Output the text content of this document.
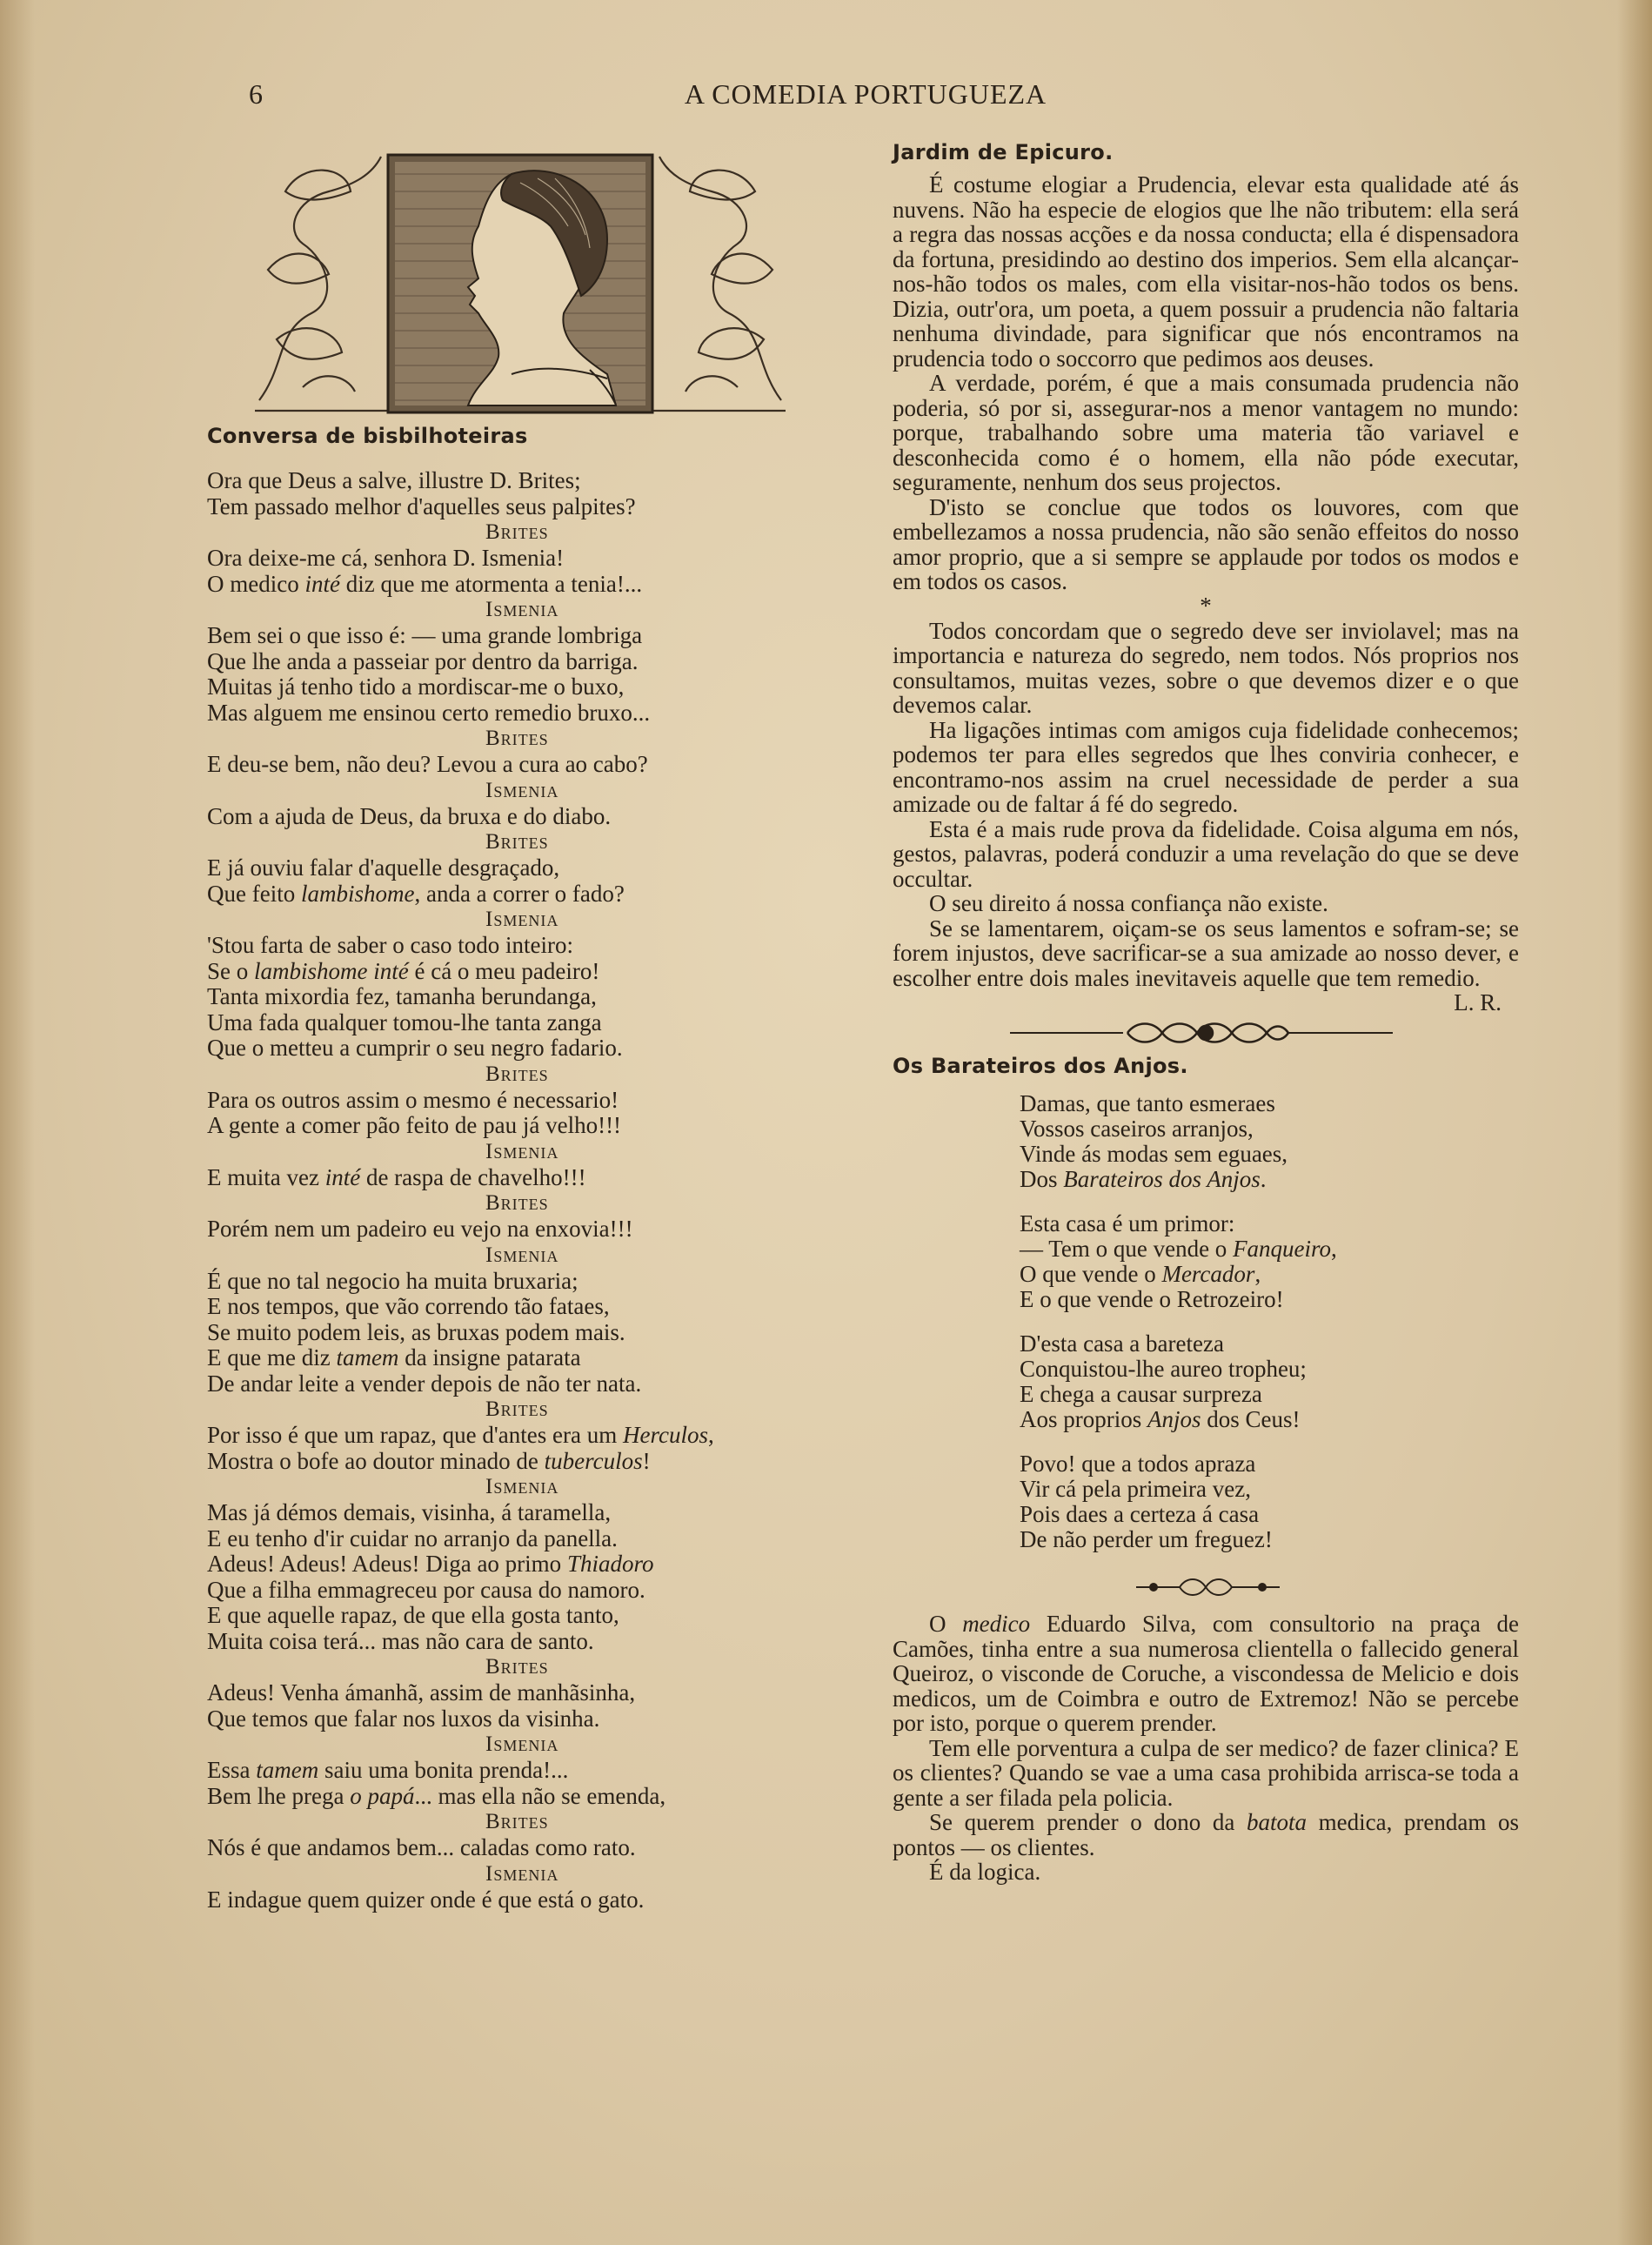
6	A COMEDIA PORTUGUEZA
Conversa de bisbilhoteiras
Ora que Deus a salve, illustre D. Brites;
Tem passado melhor d'aquelles seus palpites?
Brites
Ora deixe-me cá, senhora D. Ismenia!
O medico inté diz que me atormenta a tenia!...
Ismenia
Bem sei o que isso é: — uma grande lombriga
Que lhe anda a passeiar por dentro da barriga.
Muitas já tenho tido a mordiscar-me o buxo,
Mas alguem me ensinou certo remedio bruxo...
Brites
E deu-se bem, não deu? Levou a cura ao cabo?
Ismenia
Com a ajuda de Deus, da bruxa e do diabo.
Brites
E já ouviu falar d'aquelle desgraçado,
Que feito lambishome, anda a correr o fado?
Ismenia
'Stou farta de saber o caso todo inteiro:
Se o lambishome inté é cá o meu padeiro!
Tanta mixordia fez, tamanha berundanga,
Uma fada qualquer tomou-lhe tanta zanga
Que o metteu a cumprir o seu negro fadario.
Brites
Para os outros assim o mesmo é necessario!
A gente a comer pão feito de pau já velho!!!
Ismenia
E muita vez inté de raspa de chavelho!!!
Brites
Porém nem um padeiro eu vejo na enxovia!!!
Ismenia
É que no tal negocio ha muita bruxaria;
E nos tempos, que vão correndo tão fataes,
Se muito podem leis, as bruxas podem mais.
E que me diz tamem da insigne patarata
De andar leite a vender depois de não ter nata.
Brites
Por isso é que um rapaz, que d'antes era um Herculos,
Mostra o bofe ao doutor minado de tuberculos!
Ismenia
Mas já démos demais, visinha, á taramella,
E eu tenho d'ir cuidar no arranjo da panella.
Adeus! Adeus! Adeus! Diga ao primo Thiadoro
Que a filha emmagreceu por causa do namoro.
E que aquelle rapaz, de que ella gosta tanto,
Muita coisa terá... mas não cara de santo.
Brites
Adeus! Venha ámanhã, assim de manhãsinha,
Que temos que falar nos luxos da visinha.
Ismenia
Essa tamem saiu uma bonita prenda!...
Bem lhe prega o papá... mas ella não se emenda,
Brites
Nós é que andamos bem... caladas como rato.
Ismenia
E indague quem quizer onde é que está o gato.
Jardim de Epicuro.

É costume elogiar a Prudencia, elevar esta qualidade até ás nuvens. Não ha especie de elogios que lhe não tributem: ella será a regra das nossas acções e da nossa conducta; ella é dispensadora da fortuna, presidindo ao destino dos imperios. Sem ella alcançar-nos-hão todos os males, com ella visitar-nos-hão todos os bens. Dizia, outr'ora, um poeta, a quem possuir a prudencia não faltaria nenhuma divindade, para significar que nós encontramos na prudencia todo o soccorro que pedimos aos deuses.

A verdade, porém, é que a mais consumada prudencia não poderia, só por si, assegurar-nos a menor vantagem no mundo: porque, trabalhando sobre uma materia tão variavel e desconhecida como é o homem, ella não póde executar, seguramente, nenhum dos seus projectos.

D'isto se conclue que todos os louvores, com que embellezamos a nossa prudencia, não são senão effeitos do nosso amor proprio, que a si sempre se applaude por todos os modos e em todos os casos.

*

Todos concordam que o segredo deve ser inviolavel; mas na importancia e natureza do segredo, nem todos. Nós proprios nos consultamos, muitas vezes, sobre o que devemos dizer e o que devemos calar.

Ha ligações intimas com amigos cuja fidelidade conhecemos; podemos ter para elles segredos que lhes conviria conhecer, e encontramo-nos assim na cruel necessidade de perder a sua amizade ou de faltar á fé do segredo.

Esta é a mais rude prova da fidelidade. Coisa alguma em nós, gestos, palavras, poderá conduzir a uma revelação do que se deve occultar.

O seu direito á nossa confiança não existe.

Se se lamentarem, oiçam-se os seus lamentos e sofram-se; se forem injustos, deve sacrificar-se a sua amizade ao nosso dever, e escolher entre dois males inevitaveis aquelle que tem remedio.
L. R.

Os Barateiros dos Anjos.
Damas, que tanto esmeraes
Vossos caseiros arranjos,
Vinde ás modas sem eguaes,
Dos Barateiros dos Anjos.
Esta casa é um primor:
— Tem o que vende o Fanqueiro,
O que vende o Mercador,
E o que vende o Retrozeiro!
D'esta casa a bareteza
Conquistou-lhe aureo tropheu;
E chega a causar surpreza
Aos proprios Anjos dos Ceus!
Povo! que a todos apraza
Vir cá pela primeira vez,
Pois daes a certeza á casa
De não perder um freguez!

O medico Eduardo Silva, com consultorio na praça de Camões, tinha entre a sua numerosa clientella o fallecido general Queiroz, o visconde de Coruche, a viscondessa de Melicio e dois medicos, um de Coimbra e outro de Extremoz! Não se percebe por isto, porque o querem prender.

Tem elle porventura a culpa de ser medico? de fazer clinica? E os clientes? Quando se vae a uma casa prohibida arrisca-se toda a gente a ser filada pela policia.

Se querem prender o dono da batota medica, prendam os pontos — os clientes.

É da logica.
